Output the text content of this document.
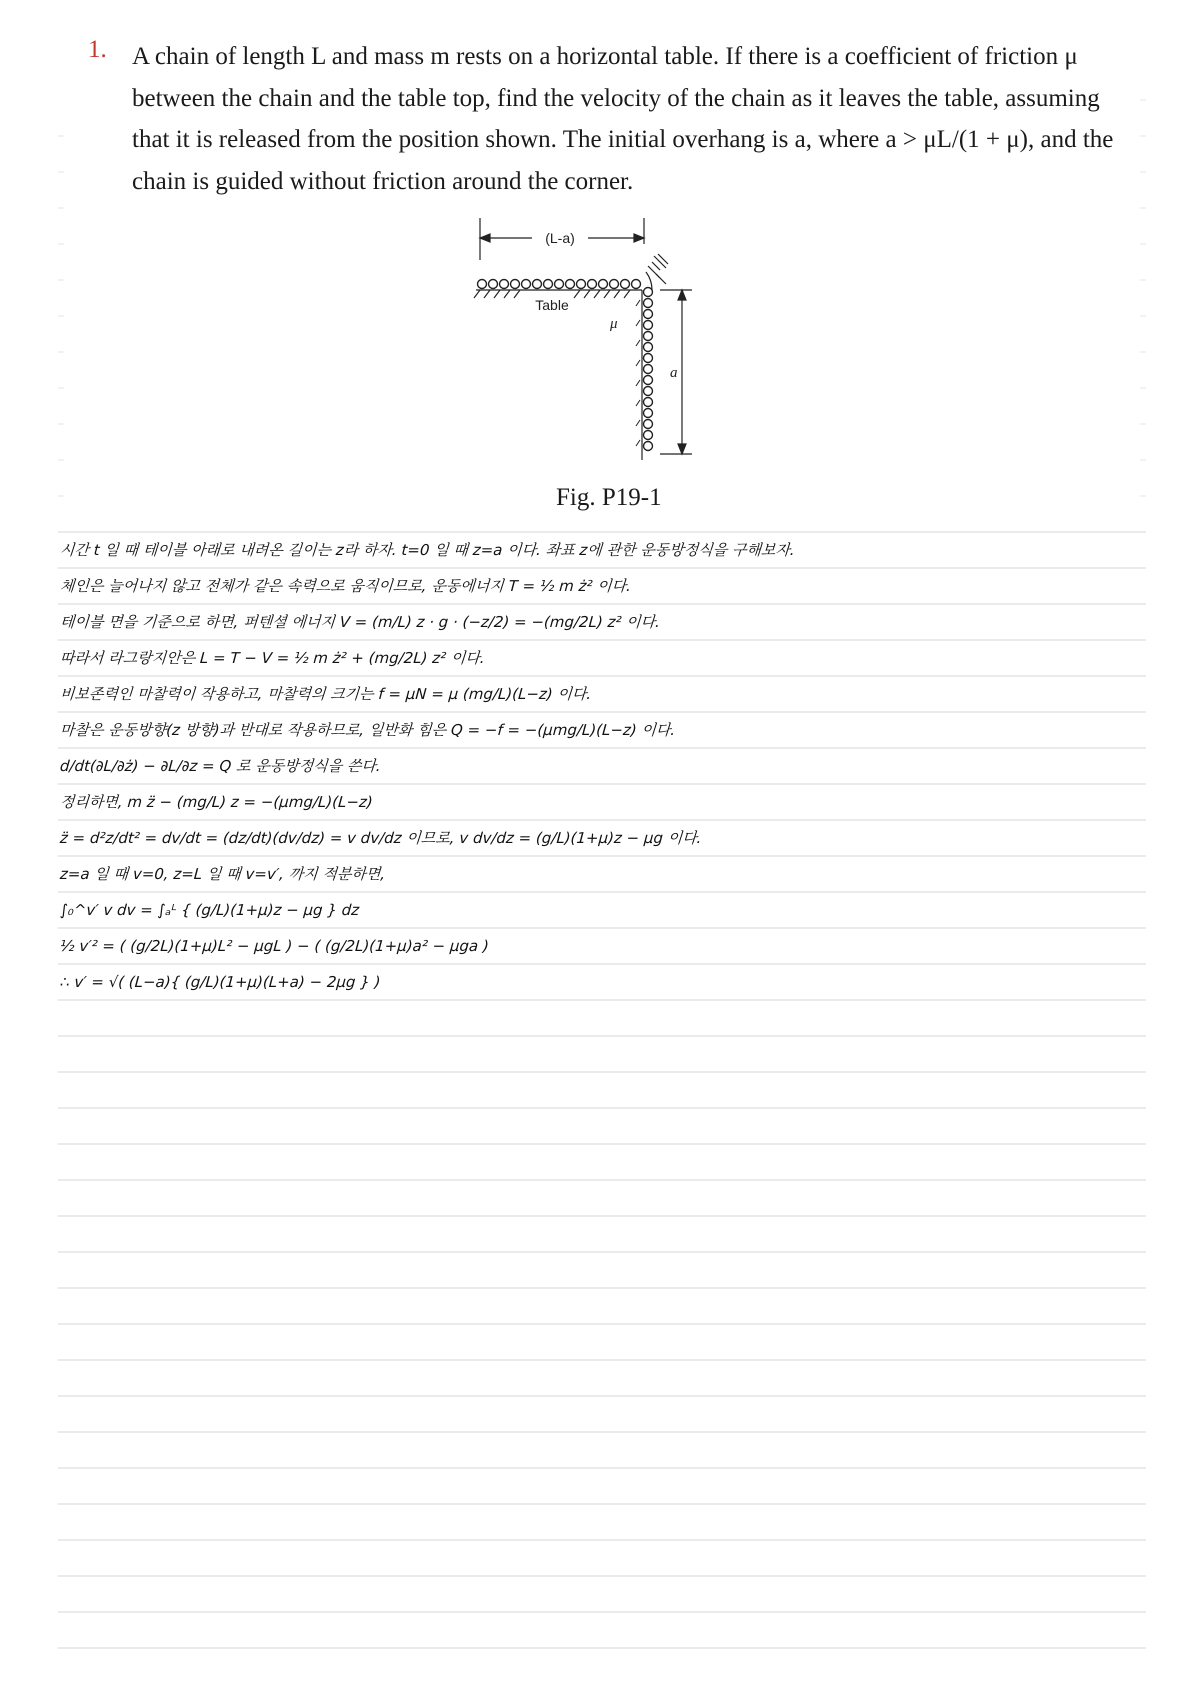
1. A chain of length L and mass m rests on a horizontal table. If there is a coefficient of friction μ between the chain and the table top, find the velocity of the chain as it leaves the table, assuming that it is released from the position shown. The initial overhang is a, where a > μL/(1 + μ), and the chain is guided without friction around the corner.
(L-a)
Table
μ
a
Fig. P19-1
시간 t 일 때 테이블 아래로 내려온 길이는 z라 하자. t=0 일 때 z=a 이다. 좌표 z에 관한 운동방정식을 구해보자.
체인은 늘어나지 않고 전체가 같은 속력으로 움직이므로, 운동에너지 T = ½ m ż² 이다.
테이블 면을 기준으로 하면, 퍼텐셜 에너지 V = (m/L) z · g · (−z/2) = −(mg/2L) z² 이다.
따라서 라그랑지안은 L = T − V = ½ m ż² + (mg/2L) z² 이다.
비보존력인 마찰력이 작용하고, 마찰력의 크기는 f = μN = μ (mg/L)(L−z) 이다.
마찰은 운동방향(z 방향)과 반대로 작용하므로, 일반화 힘은 Q = −f = −(μmg/L)(L−z) 이다.
d/dt(∂L/∂ż) − ∂L/∂z = Q 로 운동방정식을 쓴다.
정리하면, m z̈ − (mg/L) z = −(μmg/L)(L−z)
z̈ = d²z/dt² = dv/dt = (dz/dt)(dv/dz) = v dv/dz 이므로, v dv/dz = (g/L)(1+μ)z − μg 이다.
z=a 일 때 v=0, z=L 일 때 v=v′, 까지 적분하면,
∫₀^v′ v dv = ∫ₐᴸ { (g/L)(1+μ)z − μg } dz
½ v′² = ( (g/2L)(1+μ)L² − μgL ) − ( (g/2L)(1+μ)a² − μga )
∴ v′ = √( (L−a){ (g/L)(1+μ)(L+a) − 2μg } )
